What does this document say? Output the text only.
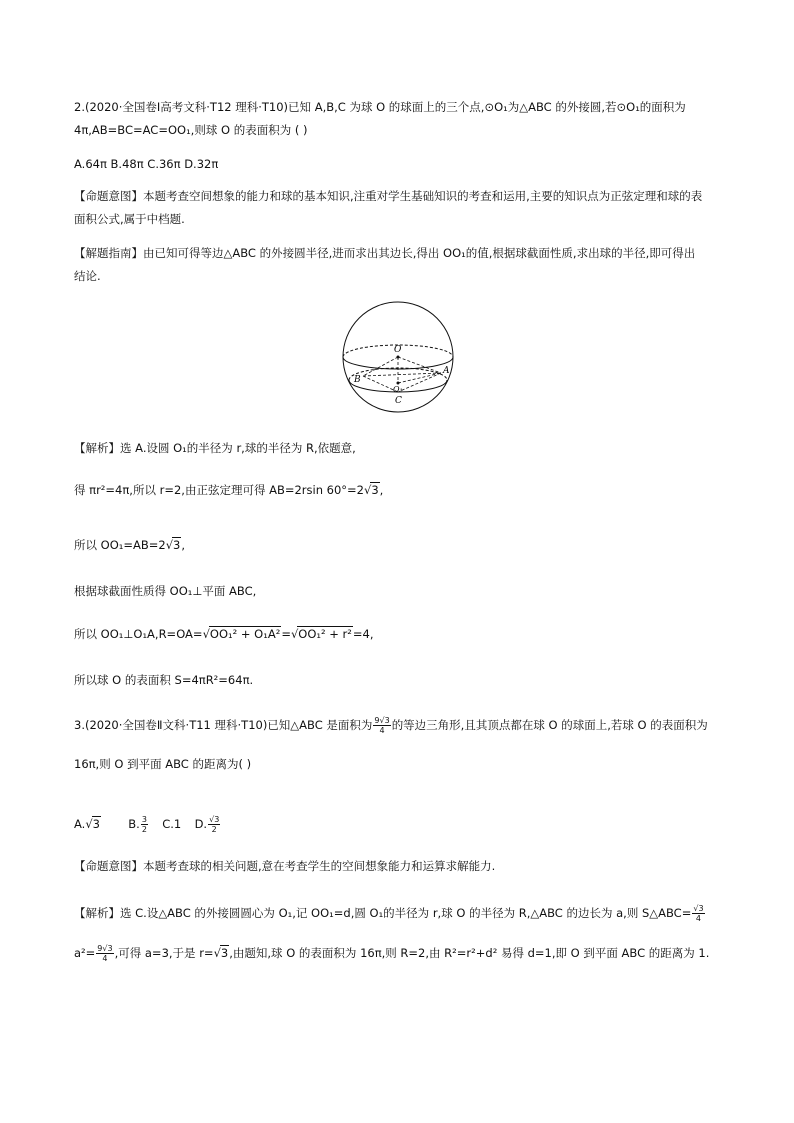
2.(2020·全国卷Ⅰ高考文科·T12 理科·T10)已知 A,B,C 为球 O 的球面上的三个点,⊙O₁为△ABC 的外接圆,若⊙O₁的面积为
4π,AB=BC=AC=OO₁,则球 O 的表面积为 ( )
A.64π B.48π C.36π D.32π
【命题意图】本题考查空间想象的能力和球的基本知识,注重对学生基础知识的考查和运用,主要的知识点为正弦定理和球的表
面积公式,属于中档题.
【解题指南】由已知可得等边△ABC 的外接圆半径,进而求出其边长,得出 OO₁的值,根据球截面性质,求出球的半径,即可得出
结论.
O
O₁
A
B
C
【解析】选 A.设圆 O₁的半径为 r,球的半径为 R,依题意,
得 πr²=4π,所以 r=2,由正弦定理可得 AB=2rsin 60°=2√3,
所以 OO₁=AB=2√3,
根据球截面性质得 OO₁⊥平面 ABC,
所以 OO₁⊥O₁A,R=OA=√OO₁² + O₁A²=√OO₁² + r²=4,
所以球 O 的表面积 S=4πR²=64π.
3.(2020·全国卷Ⅱ文科·T11 理科·T10)已知△ABC 是面积为 $\frac{9√3}{4}$ 的等边三角形,且其顶点都在球 O 的球面上,若球 O 的表面积为
16π,则 O 到平面 ABC 的距离为( )
A.√3 B. $\frac{3}{2} C.1$ D. $\frac{√3}{2}$
【命题意图】本题考查球的相关问题,意在考查学生的空间想象能力和运算求解能力.
【解析】选 C.设△ABC 的外接圆圆心为 O₁,记 OO₁=d,圆 O₁的半径为 r,球 O 的半径为 R,△ABC 的边长为 a,则 S△ABC= $\frac{√3}{4}$
$a^2= \frac{9√3}{4}$ ,可得 a=3,于是 r=√3,由题知,球 O 的表面积为 16π,则 R=2,由 R²=r²+d² 易得 d=1,即 O 到平面 ABC 的距离为 1.
